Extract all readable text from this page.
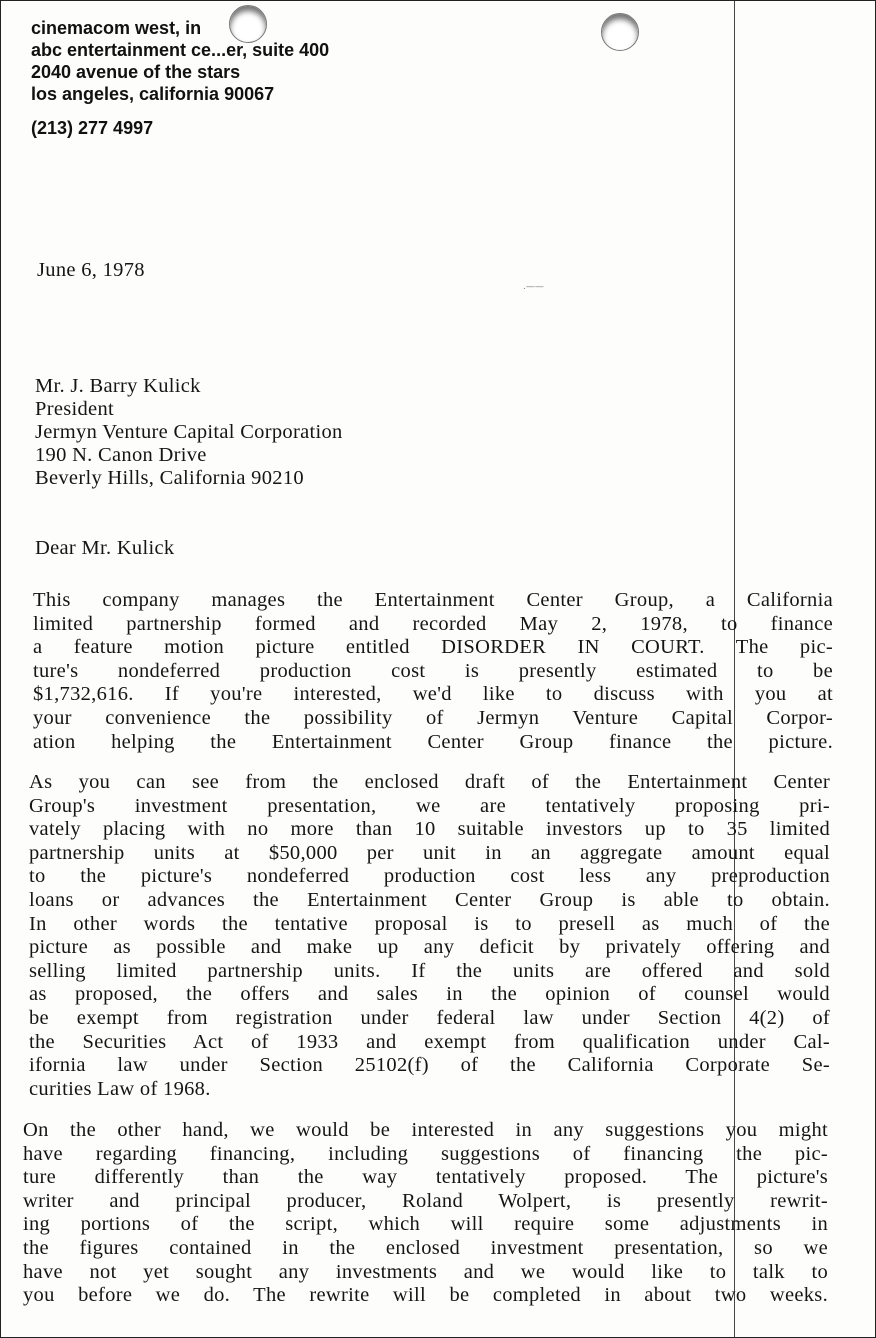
.——
cinemacom west, in
abc entertainment ce...er, suite 400
2040 avenue of the stars
los angeles, california 90067
(213) 277 4997
June 6, 1978
Mr. J. Barry Kulick
President
Jermyn Venture Capital Corporation
190 N. Canon Drive
Beverly Hills, California 90210
Dear Mr. Kulick
This company manages the Entertainment Center Group, a California
limited partnership formed and recorded May 2, 1978, to finance
a feature motion picture entitled DISORDER IN COURT. The pic-
ture's nondeferred production cost is presently estimated to be
$1,732,616. If you're interested, we'd like to discuss with you at
your convenience the possibility of Jermyn Venture Capital Corpor-
ation helping the Entertainment Center Group finance the picture.
As you can see from the enclosed draft of the Entertainment Center
Group's investment presentation, we are tentatively proposing pri-
vately placing with no more than 10 suitable investors up to 35 limited
partnership units at $50,000 per unit in an aggregate amount equal
to the picture's nondeferred production cost less any preproduction
loans or advances the Entertainment Center Group is able to obtain.
In other words the tentative proposal is to presell as much of the
picture as possible and make up any deficit by privately offering and
selling limited partnership units. If the units are offered and sold
as proposed, the offers and sales in the opinion of counsel would
be exempt from registration under federal law under Section 4(2) of
the Securities Act of 1933 and exempt from qualification under Cal-
ifornia law under Section 25102(f) of the California Corporate Se-
curities Law of 1968.
On the other hand, we would be interested in any suggestions you might
have regarding financing, including suggestions of financing the pic-
ture differently than the way tentatively proposed. The picture's
writer and principal producer, Roland Wolpert, is presently rewrit-
ing portions of the script, which will require some adjustments in
the figures contained in the enclosed investment presentation, so we
have not yet sought any investments and we would like to talk to
you before we do. The rewrite will be completed in about two weeks.
